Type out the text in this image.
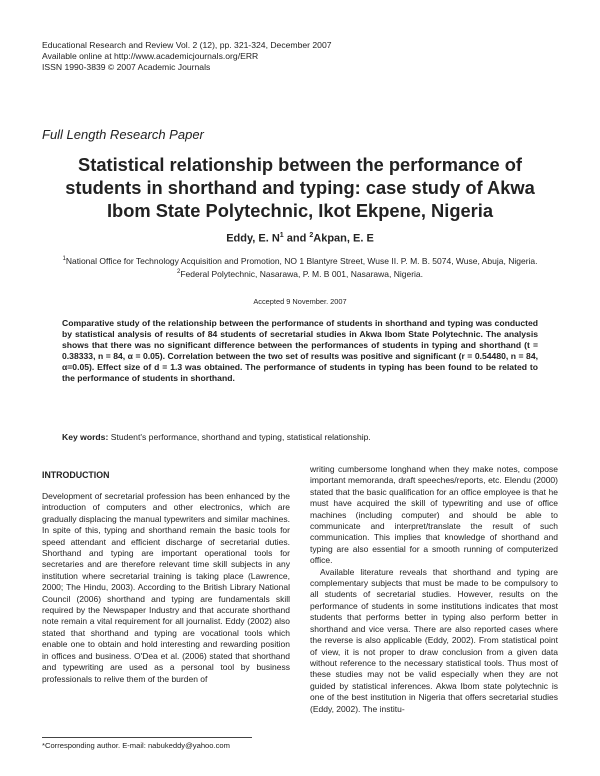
Educational Research and Review Vol. 2 (12), pp. 321-324, December 2007
Available online at http://www.academicjournals.org/ERR
ISSN 1990-3839 © 2007 Academic Journals
Full Length Research Paper
Statistical relationship between the performance of students in shorthand and typing: case study of Akwa Ibom State Polytechnic, Ikot Ekpene, Nigeria
Eddy, E. $N^1$ and $^2$Akpan, E. E
$^1$National Office for Technology Acquisition and Promotion, NO 1 Blantyre Street, Wuse II. P. M. B. 5074, Wuse, Abuja, Nigeria.
$^2$Federal Polytechnic, Nasarawa, P. M. B 001, Nasarawa, Nigeria.
Accepted 9 November. 2007
Comparative study of the relationship between the performance of students in shorthand and typing was conducted by statistical analysis of results of 84 students of secretarial studies in Akwa Ibom State Polytechnic. The analysis shows that there was no significant difference between the performances of students in typing and shorthand (t = 0.38333, n = 84, α = 0.05). Correlation between the two set of results was positive and significant (r = 0.54480, n = 84, α=0.05). Effect size of d = 1.3 was obtained. The performance of students in typing has been found to be related to the performance of students in shorthand.
Key words: Student's performance, shorthand and typing, statistical relationship.
INTRODUCTION

Development of secretarial profession has been enhanced by the introduction of computers and other electronics, which are gradually displacing the manual typewriters and similar machines. In spite of this, typing and shorthand remain the basic tools for speed attendant and efficient discharge of secretarial duties. Shorthand and typing are important operational tools for secretaries and are therefore relevant time skill subjects in any institution where secretarial training is taking place (Lawrence, 2000; The Hindu, 2003). According to the British Library National Council (2006) shorthand and typing are fundamentals skill required by the Newspaper Industry and that accurate shorthand note remain a vital requirement for all journalist. Eddy (2002) also stated that shorthand and typing are vocational tools which enable one to obtain and hold interesting and rewarding position in offices and business. O'Dea et al. (2006) stated that shorthand and typewriting are used as a personal tool by business professionals to relive them of the burden of

writing cumbersome longhand when they make notes, compose important memoranda, draft speeches/reports, etc. Elendu (2000) stated that the basic qualification for an office employee is that he must have acquired the skill of typewriting and use of office machines (including computer) and should be able to communicate and interpret/translate the result of such communication. This implies that knowledge of shorthand and typing are also essential for a smooth running of computerized office.

Available literature reveals that shorthand and typing are complementary subjects that must be made to be compulsory to all students of secretarial studies. However, results on the performance of students in some institutions indicates that most students that performs better in typing also perform better in shorthand and vice versa. There are also reported cases where the reverse is also applicable (Eddy, 2002). From statistical point of view, it is not proper to draw conclusion from a given data without reference to the necessary statistical tools. Thus most of these studies may not be valid especially when they are not guided by statistical inferences. Akwa Ibom state polytechnic is one of the best institution in Nigeria that offers secretarial studies (Eddy, 2002). The institu-

*Corresponding author. E-mail: nabukeddy@yahoo.com
